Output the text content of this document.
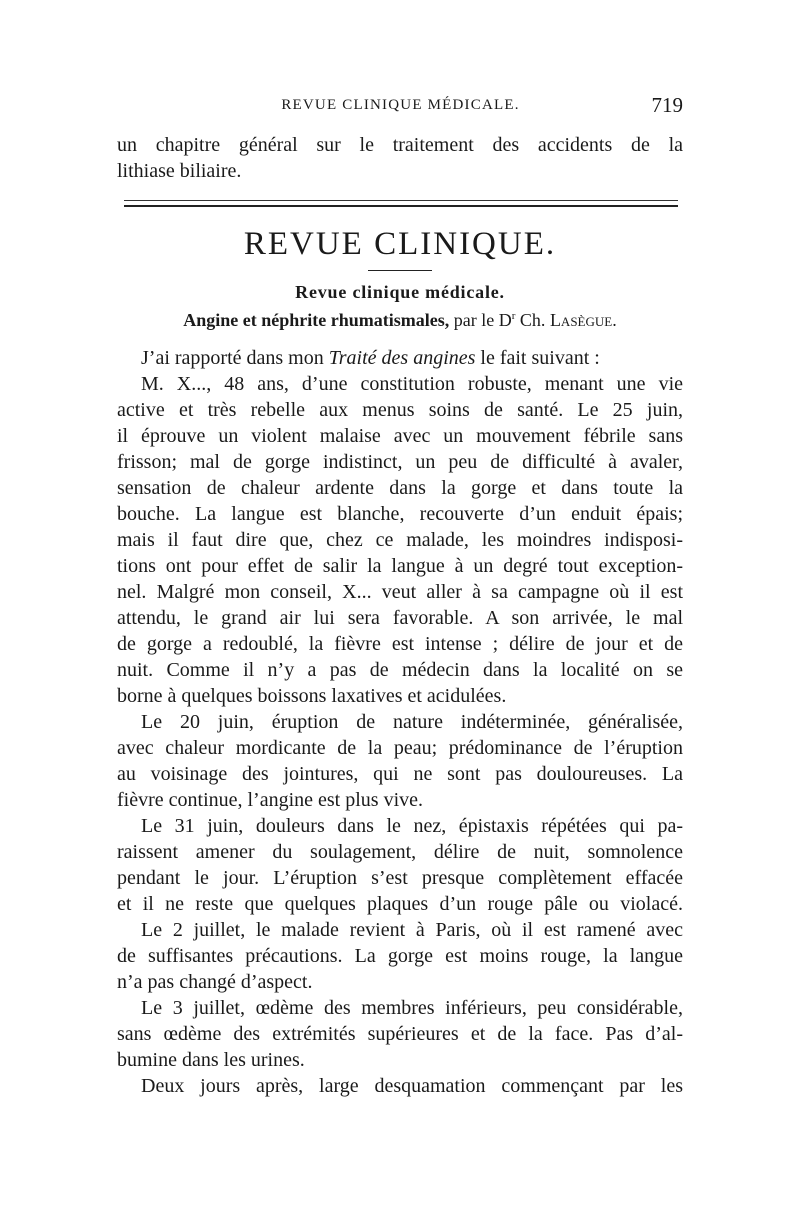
REVUE CLINIQUE MÉDICALE.	719
un chapitre général sur le traitement des accidents de la
lithiase biliaire.
REVUE CLINIQUE.
Revue clinique médicale.
Angine et néphrite rhumatismales, par le $D^r$ Ch. Lasègue.
J’ai rapporté dans mon Traité des angines le fait suivant :
M. X..., 48 ans, d’une constitution robuste, menant une vie
active et très rebelle aux menus soins de santé. Le 25 juin,
il éprouve un violent malaise avec un mouvement fébrile sans
frisson; mal de gorge indistinct, un peu de difficulté à avaler,
sensation de chaleur ardente dans la gorge et dans toute la
bouche. La langue est blanche, recouverte d’un enduit épais;
mais il faut dire que, chez ce malade, les moindres indisposi-
tions ont pour effet de salir la langue à un degré tout exception-
nel. Malgré mon conseil, X... veut aller à sa campagne où il est
attendu, le grand air lui sera favorable. A son arrivée, le mal
de gorge a redoublé, la fièvre est intense ; délire de jour et de
nuit. Comme il n’y a pas de médecin dans la localité on se
borne à quelques boissons laxatives et acidulées.
Le 20 juin, éruption de nature indéterminée, généralisée,
avec chaleur mordicante de la peau; prédominance de l’éruption
au voisinage des jointures, qui ne sont pas douloureuses. La
fièvre continue, l’angine est plus vive.
Le 31 juin, douleurs dans le nez, épistaxis répétées qui pa-
raissent amener du soulagement, délire de nuit, somnolence
pendant le jour. L’éruption s’est presque complètement effacée
et il ne reste que quelques plaques d’un rouge pâle ou violacé.
Le 2 juillet, le malade revient à Paris, où il est ramené avec
de suffisantes précautions. La gorge est moins rouge, la langue
n’a pas changé d’aspect.
Le 3 juillet, œdème des membres inférieurs, peu considérable,
sans œdème des extrémités supérieures et de la face. Pas d’al-
bumine dans les urines.
Deux jours après, large desquamation commençant par les
